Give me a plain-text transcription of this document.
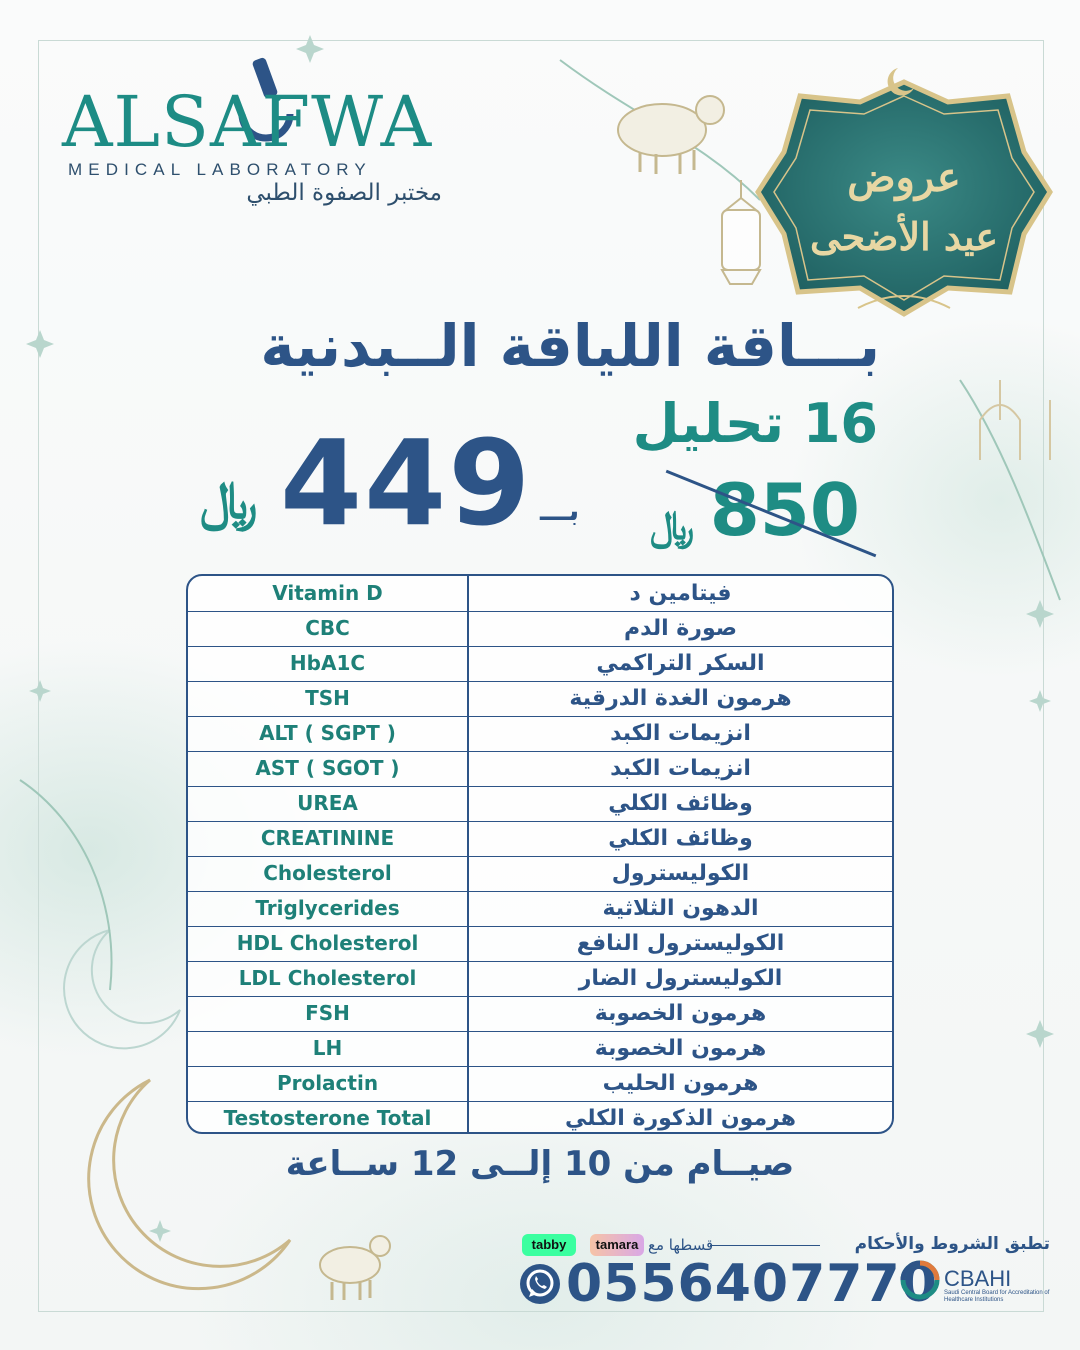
ALSAFWA
MEDICAL LABORATORY
مختبر الصفوة الطبي	عروض
عيد الأضحى
بـــاقة اللياقة الــبدنية
16 تحليل
850
﷼
بـــ
449
﷼
Vitamin D	فيتامين د
CBC	صورة الدم
HbA1C	السكر التراكمي
TSH	هرمون الغدة الدرقية
ALT ( SGPT )	انزيمات الكبد
AST ( SGOT )	انزيمات الكبد
UREA	وظائف الكلي
CREATININE	وظائف الكلي
Cholesterol	الكوليسترول
Triglycerides	الدهون الثلاثية
HDL Cholesterol	الكوليسترول النافع
LDL Cholesterol	الكوليسترول الضار
FSH	هرمون الخصوبة
LH	هرمون الخصوبة
Prolactin	هرمون الحليب
Testosterone Total	هرمون الذكورة الكلي
صيــام من 10 إلــى 12 ســاعة
تطبق الشروط والأحكام
قسطها مع
tabby	tamara
0556407770 CBAHI
Saudi Central Board for Accreditation of Healthcare Institutions
